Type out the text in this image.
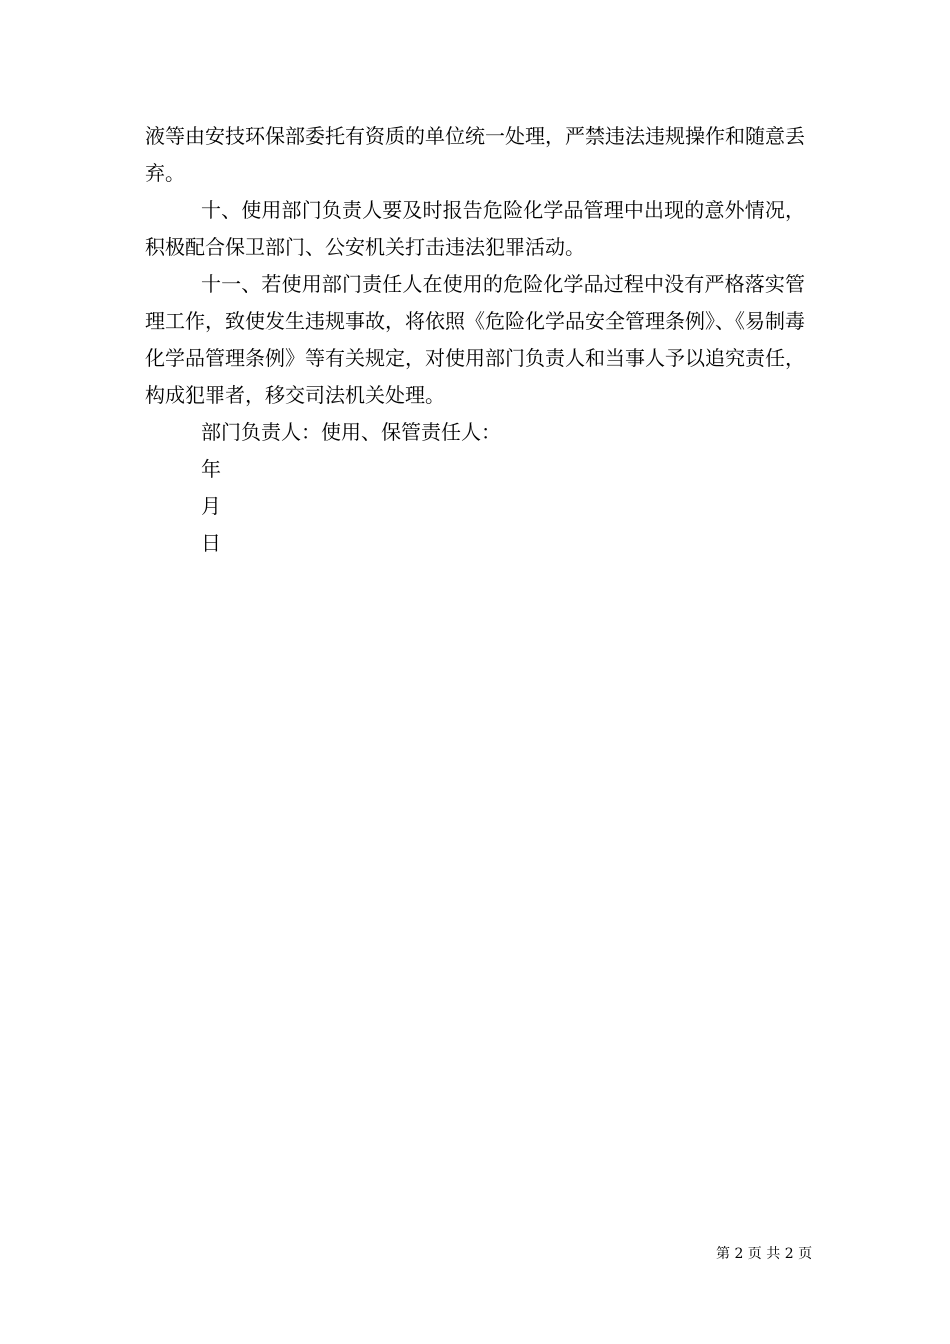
液等由安技环保部委托有资质的单位统一处理，严禁违法违规操作和随意丢弃。

十、使用部门负责人要及时报告危险化学品管理中出现的意外情况，积极配合保卫部门、公安机关打击违法犯罪活动。

十一、若使用部门责任人在使用的危险化学品过程中没有严格落实管理工作，致使发生违规事故，将依照《危险化学品安全管理条例》、《易制毒化学品管理条例》等有关规定，对使用部门负责人和当事人予以追究责任，构成犯罪者，移交司法机关处理。

部门负责人：使用、保管责任人：

年

月

日

第 2 页 共 2 页
